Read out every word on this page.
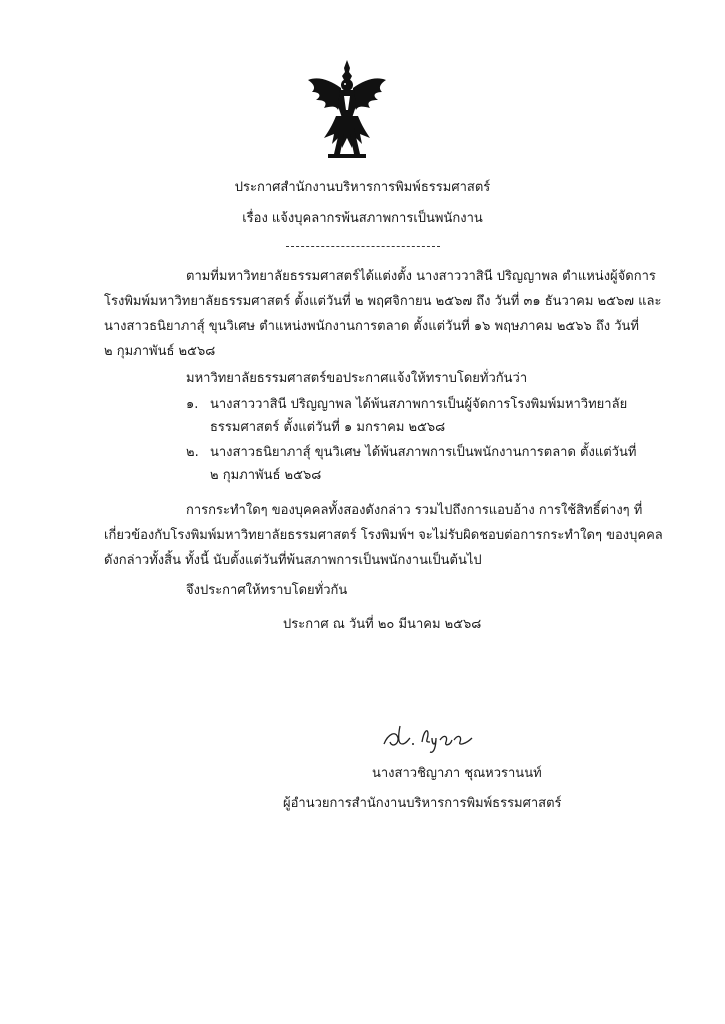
ประกาศสำนักงานบริหารการพิมพ์ธรรมศาสตร์
เรื่อง แจ้งบุคลากรพ้นสภาพการเป็นพนักงาน
ตามที่มหาวิทยาลัยธรรมศาสตร์ได้แต่งตั้ง นางสาววาสินี ปริญญาพล ตำแหน่งผู้จัดการ
โรงพิมพ์มหาวิทยาลัยธรรมศาสตร์ ตั้งแต่วันที่ ๒ พฤศจิกายน ๒๕๖๗ ถึง วันที่ ๓๑ ธันวาคม ๒๕๖๗ และ
นางสาวธนิยาภาสุ์ ขุนวิเศษ ตำแหน่งพนักงานการตลาด ตั้งแต่วันที่ ๑๖ พฤษภาคม ๒๕๖๖ ถึง วันที่
๒ กุมภาพันธ์ ๒๕๖๘
มหาวิทยาลัยธรรมศาสตร์ขอประกาศแจ้งให้ทราบโดยทั่วกันว่า
๑. นางสาววาสินี ปริญญาพล ได้พ้นสภาพการเป็นผู้จัดการโรงพิมพ์มหาวิทยาลัย
ธรรมศาสตร์ ตั้งแต่วันที่ ๑ มกราคม ๒๕๖๘
๒. นางสาวธนิยาภาสุ์ ขุนวิเศษ ได้พ้นสภาพการเป็นพนักงานการตลาด ตั้งแต่วันที่
๒ กุมภาพันธ์ ๒๕๖๘
การกระทำใดๆ ของบุคคลทั้งสองดังกล่าว รวมไปถึงการแอบอ้าง การใช้สิทธิ์ต่างๆ ที่
เกี่ยวข้องกับโรงพิมพ์มหาวิทยาลัยธรรมศาสตร์ โรงพิมพ์ฯ จะไม่รับผิดชอบต่อการกระทำใดๆ ของบุคคล
ดังกล่าวทั้งสิ้น ทั้งนี้ นับตั้งแต่วันที่พ้นสภาพการเป็นพนักงานเป็นต้นไป
จึงประกาศให้ทราบโดยทั่วกัน
ประกาศ ณ วันที่ ๒๐ มีนาคม ๒๕๖๘
นางสาวชิญาภา ชุณหวรานนท์
ผู้อำนวยการสำนักงานบริหารการพิมพ์ธรรมศาสตร์
